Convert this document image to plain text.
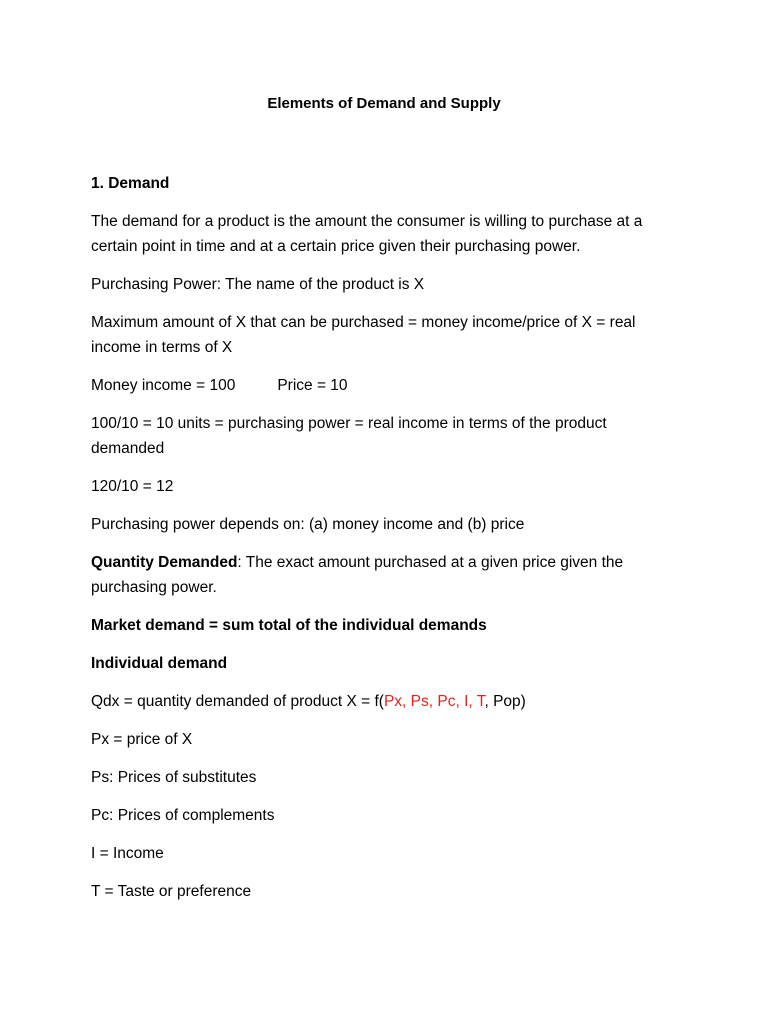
Elements of Demand and Supply

1. Demand

The demand for a product is the amount the consumer is willing to purchase at a certain point in time and at a certain price given their purchasing power.

Purchasing Power: The name of the product is X

Maximum amount of X that can be purchased = money income/price of X = real income in terms of X

Money income = 100	Price = 10

100/10 = 10 units = purchasing power = real income in terms of the product demanded

120/10 = 12

Purchasing power depends on: (a) money income and (b) price

Quantity Demanded: The exact amount purchased at a given price given the purchasing power.

Market demand = sum total of the individual demands

Individual demand

Qdx = quantity demanded of product X = f(Px, Ps, Pc, I, T, Pop)

Px = price of X

Ps: Prices of substitutes

Pc: Prices of complements

I = Income

T = Taste or preference
